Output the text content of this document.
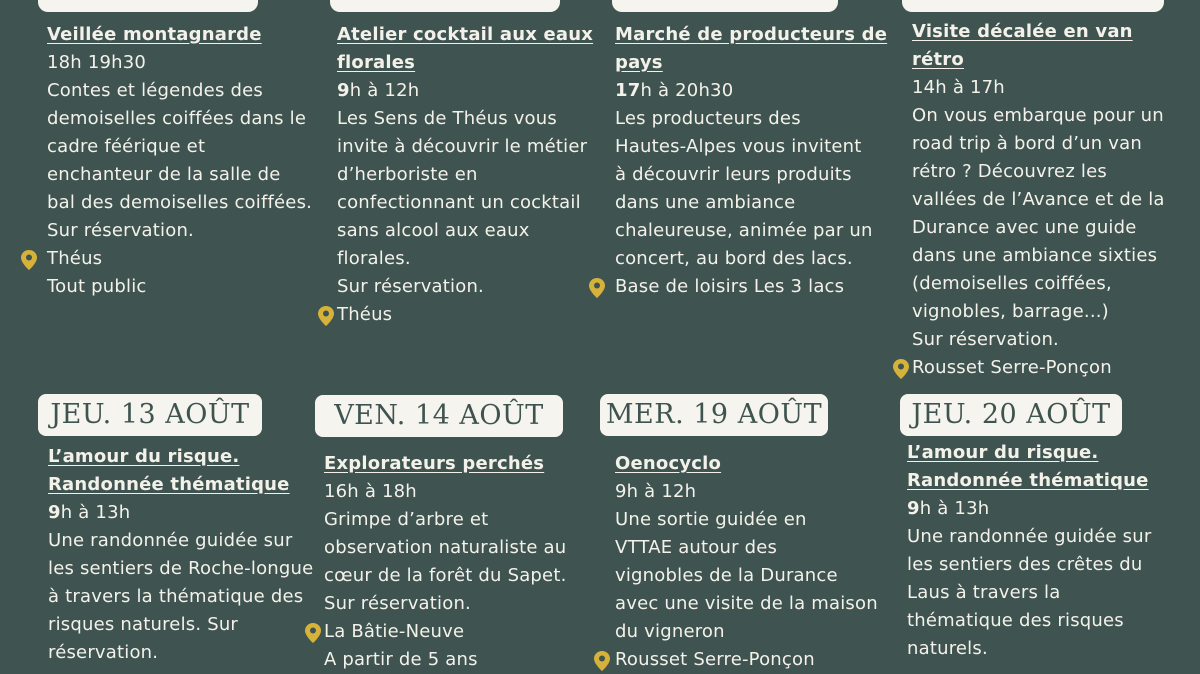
Veillée montagnarde
18h 19h30
Contes et légendes des
demoiselles coiffées dans le
cadre féérique et
enchanteur de la salle de
bal des demoiselles coiffées.
Sur réservation.
Théus
Tout public
Atelier cocktail aux eaux
florales
9h à 12h
Les Sens de Théus vous
invite à découvrir le métier
d’herboriste en
confectionnant un cocktail
sans alcool aux eaux
florales.
Sur réservation.
Théus
Marché de producteurs de
pays
17h à 20h30
Les producteurs des
Hautes-Alpes vous invitent
à découvrir leurs produits
dans une ambiance
chaleureuse, animée par un
concert, au bord des lacs.
Base de loisirs Les 3 lacs
Visite décalée en van
rétro
14h à 17h
On vous embarque pour un
road trip à bord d’un van
rétro ? Découvrez les
vallées de l’Avance et de la
Durance avec une guide
dans une ambiance sixties
(demoiselles coiffées,
vignobles, barrage...)
Sur réservation.
Rousset Serre-Ponçon
JEU. 13 AOÛT	VEN. 14 AOÛT	MER. 19 AOÛT	JEU. 20 AOÛT
L’amour du risque.
Randonnée thématique
9h à 13h
Une randonnée guidée sur
les sentiers de Roche-longue
à travers la thématique des
risques naturels. Sur
réservation.
Explorateurs perchés
16h à 18h
Grimpe d’arbre et
observation naturaliste au
cœur de la forêt du Sapet.
Sur réservation.
La Bâtie-Neuve
A partir de 5 ans
Oenocyclo
9h à 12h
Une sortie guidée en
VTTAE autour des
vignobles de la Durance
avec une visite de la maison
du vigneron
Rousset Serre-Ponçon
L’amour du risque.
Randonnée thématique
9h à 13h
Une randonnée guidée sur
les sentiers des crêtes du
Laus à travers la
thématique des risques
naturels.
